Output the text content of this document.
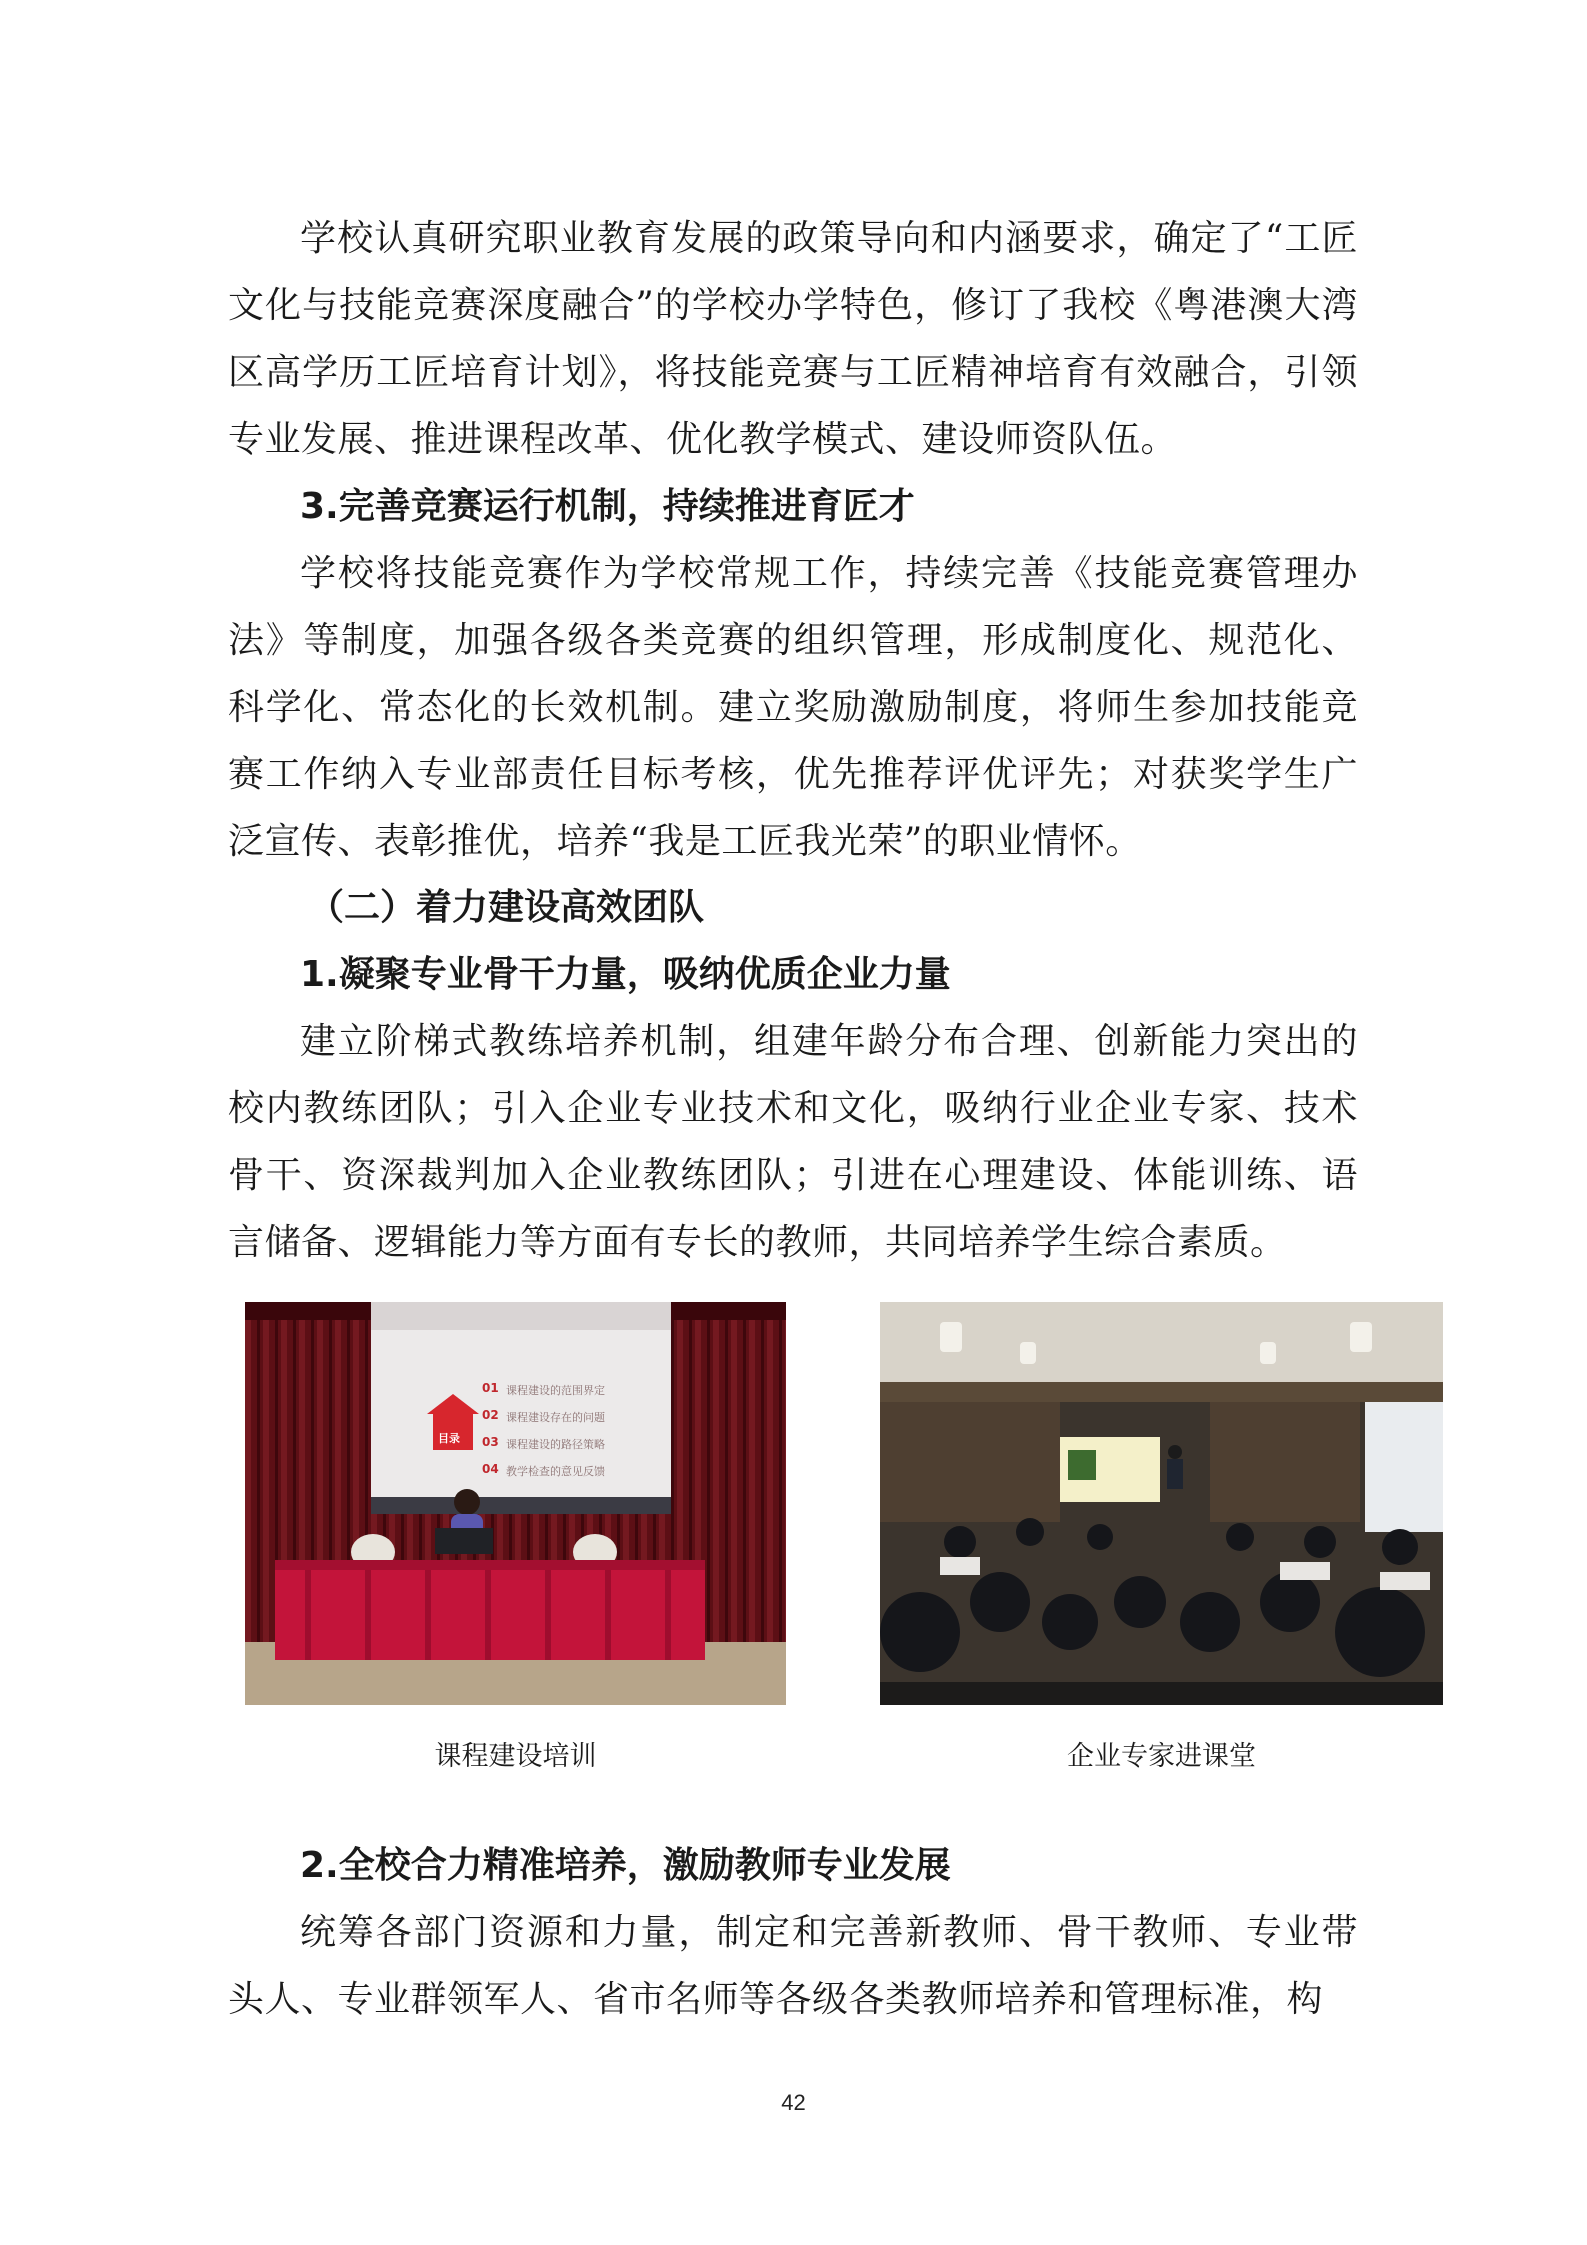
学校认真研究职业教育发展的政策导向和内涵要求，确定了“工匠文化与技能竞赛深度融合”的学校办学特色，修订了我校《粤港澳大湾区高学历工匠培育计划》，将技能竞赛与工匠精神培育有效融合，引领专业发展、推进课程改革、优化教学模式、建设师资队伍。

3.完善竞赛运行机制，持续推进育匠才

学校将技能竞赛作为学校常规工作，持续完善《技能竞赛管理办法》等制度，加强各级各类竞赛的组织管理，形成制度化、规范化、科学化、常态化的长效机制。建立奖励激励制度，将师生参加技能竞赛工作纳入专业部责任目标考核，优先推荐评优评先；对获奖学生广泛宣传、表彰推优，培养“我是工匠我光荣”的职业情怀。

（二）着力建设高效团队
1.凝聚专业骨干力量，吸纳优质企业力量

建立阶梯式教练培养机制，组建年龄分布合理、创新能力突出的校内教练团队；引入企业专业技术和文化，吸纳行业企业专家、技术骨干、资深裁判加入企业教练团队；引进在心理建设、体能训练、语言储备、逻辑能力等方面有专长的教师，共同培养学生综合素质。

目录
01 课程建设的范围界定
02 课程建设存在的问题
03 课程建设的路径策略
04 教学检查的意见反馈
课程建设培训	企业专家进课堂
2.全校合力精准培养，激励教师专业发展

统筹各部门资源和力量，制定和完善新教师、骨干教师、专业带头人、专业群领军人、省市名师等各级各类教师培养和管理标准，构

42
